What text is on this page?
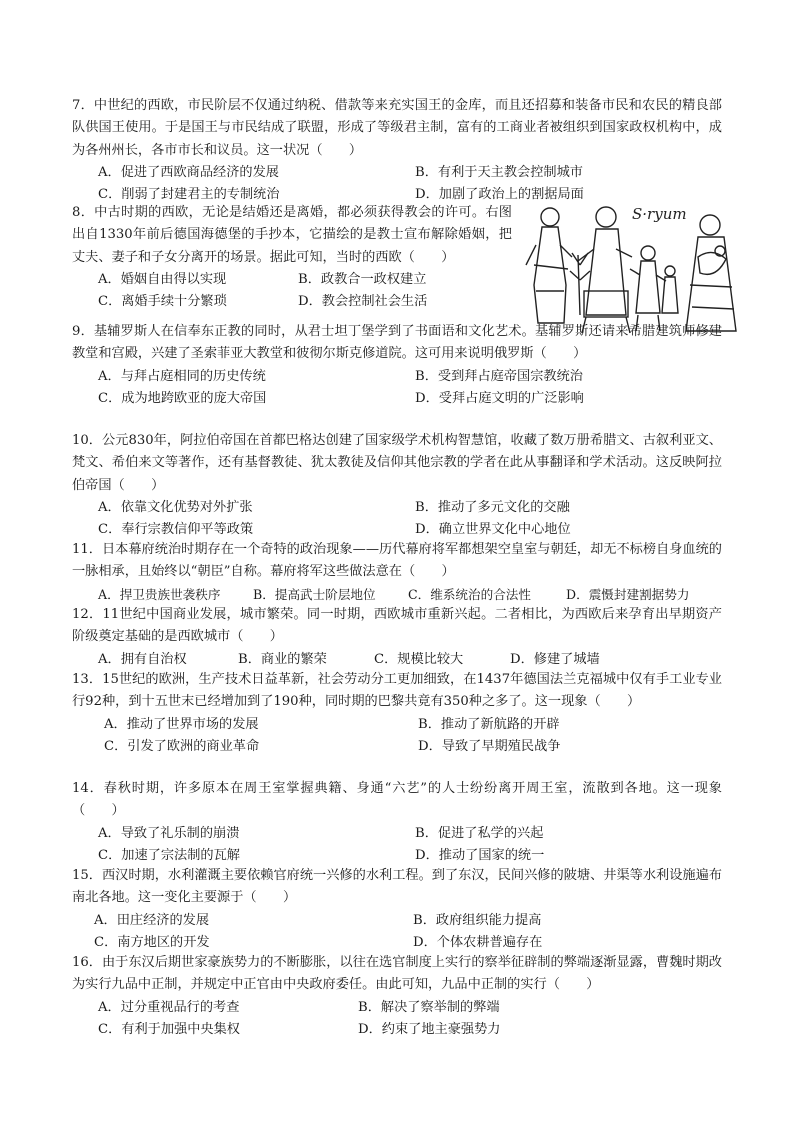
7．中世纪的西欧，市民阶层不仅通过纳税、借款等来充实国王的金库，而且还招募和装备市民和农民的精良部队供国王使用。于是国王与市民结成了联盟，形成了等级君主制，富有的工商业者被组织到国家政权机构中，成为各州州长，各市市长和议员。这一状况（　　）

A．促进了西欧商品经济的发展	B．有利于天主教会控制城市
C．削弱了封建君主的专制统治	D．加剧了政治上的割据局面

8．中古时期的西欧，无论是结婚还是离婚，都必须获得教会的许可。右图出自1330年前后德国海德堡的手抄本，它描绘的是教士宣布解除婚姻，把丈夫、妻子和子女分离开的场景。据此可知，当时的西欧（　　）

A．婚姻自由得以实现	B．政教合一政权建立
C．离婚手续十分繁琐	D．教会控制社会生活
S·ryum

9．基辅罗斯人在信奉东正教的同时，从君士坦丁堡学到了书面语和文化艺术。基辅罗斯还请来希腊建筑师修建教堂和宫殿，兴建了圣索菲亚大教堂和彼彻尔斯克修道院。这可用来说明俄罗斯（　　）

A．与拜占庭相同的历史传统	B．受到拜占庭帝国宗教统治
C．成为地跨欧亚的庞大帝国	D．受拜占庭文明的广泛影响

10．公元830年，阿拉伯帝国在首都巴格达创建了国家级学术机构智慧馆，收藏了数万册希腊文、古叙利亚文、梵文、希伯来文等著作，还有基督教徒、犹太教徒及信仰其他宗教的学者在此从事翻译和学术活动。这反映阿拉伯帝国（　　）

A．依靠文化优势对外扩张	B．推动了多元文化的交融
C．奉行宗教信仰平等政策	D．确立世界文化中心地位

11．日本幕府统治时期存在一个奇特的政治现象——历代幕府将军都想架空皇室与朝廷，却无不标榜自身血统的一脉相承，且始终以“朝臣”自称。幕府将军这些做法意在（　　）

A．捍卫贵族世袭秩序	B．提高武士阶层地位	C．维系统治的合法性	D．震慑封建割据势力

12．11世纪中国商业发展，城市繁荣。同一时期，西欧城市重新兴起。二者相比，为西欧后来孕育出早期资产阶级奠定基础的是西欧城市（　　）

A．拥有自治权	B．商业的繁荣	C．规模比较大	D．修建了城墙

13．15世纪的欧洲，生产技术日益革新，社会劳动分工更加细致，在1437年德国法兰克福城中仅有手工业专业行92种，到十五世末已经增加到了190种，同时期的巴黎共竟有350种之多了。这一现象（　　）

A．推动了世界市场的发展	B．推动了新航路的开辟
C．引发了欧洲的商业革命	D．导致了早期殖民战争

14．春秋时期，许多原本在周王室掌握典籍、身通“六艺”的人士纷纷离开周王室，流散到各地。这一现象（　　）

A．导致了礼乐制的崩溃	B．促进了私学的兴起
C．加速了宗法制的瓦解	D．推动了国家的统一

15．西汉时期，水利灌溉主要依赖官府统一兴修的水利工程。到了东汉，民间兴修的陂塘、井渠等水利设施遍布南北各地。这一变化主要源于（　　）

A．田庄经济的发展	B．政府组织能力提高
C．南方地区的开发	D．个体农耕普遍存在

16．由于东汉后期世家豪族势力的不断膨胀，以往在选官制度上实行的察举征辟制的弊端逐渐显露，曹魏时期改为实行九品中正制，并规定中正官由中央政府委任。由此可知，九品中正制的实行（　　）

A．过分重视品行的考查	B．解决了察举制的弊端
C．有利于加强中央集权	D．约束了地主豪强势力
